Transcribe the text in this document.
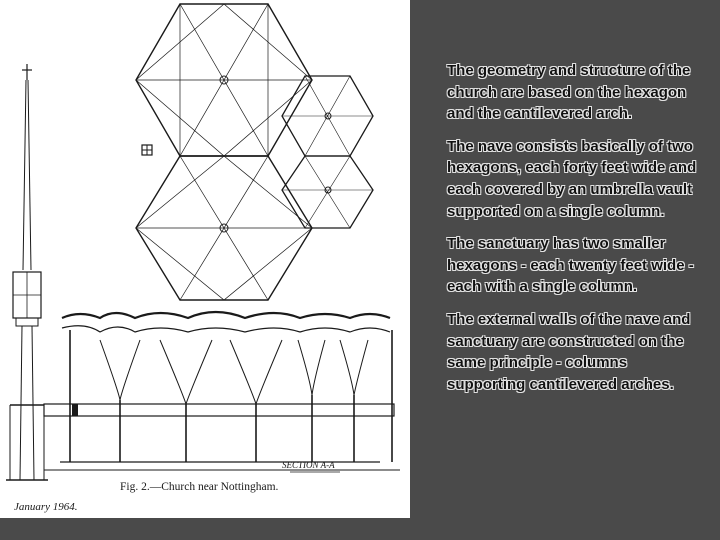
SECTION A-A
Fig. 2.—Church near Nottingham.
January 1964.

The geometry and structure of the church are based on the hexagon and the cantilevered arch.

The nave consists basically of two hexagons, each forty feet wide and each covered by an umbrella vault supported on a single column.

The sanctuary has two smaller hexagons - each twenty feet wide - each with a single column.

The external walls of the nave and sanctuary are constructed on the same principle - columns supporting cantilevered arches.
